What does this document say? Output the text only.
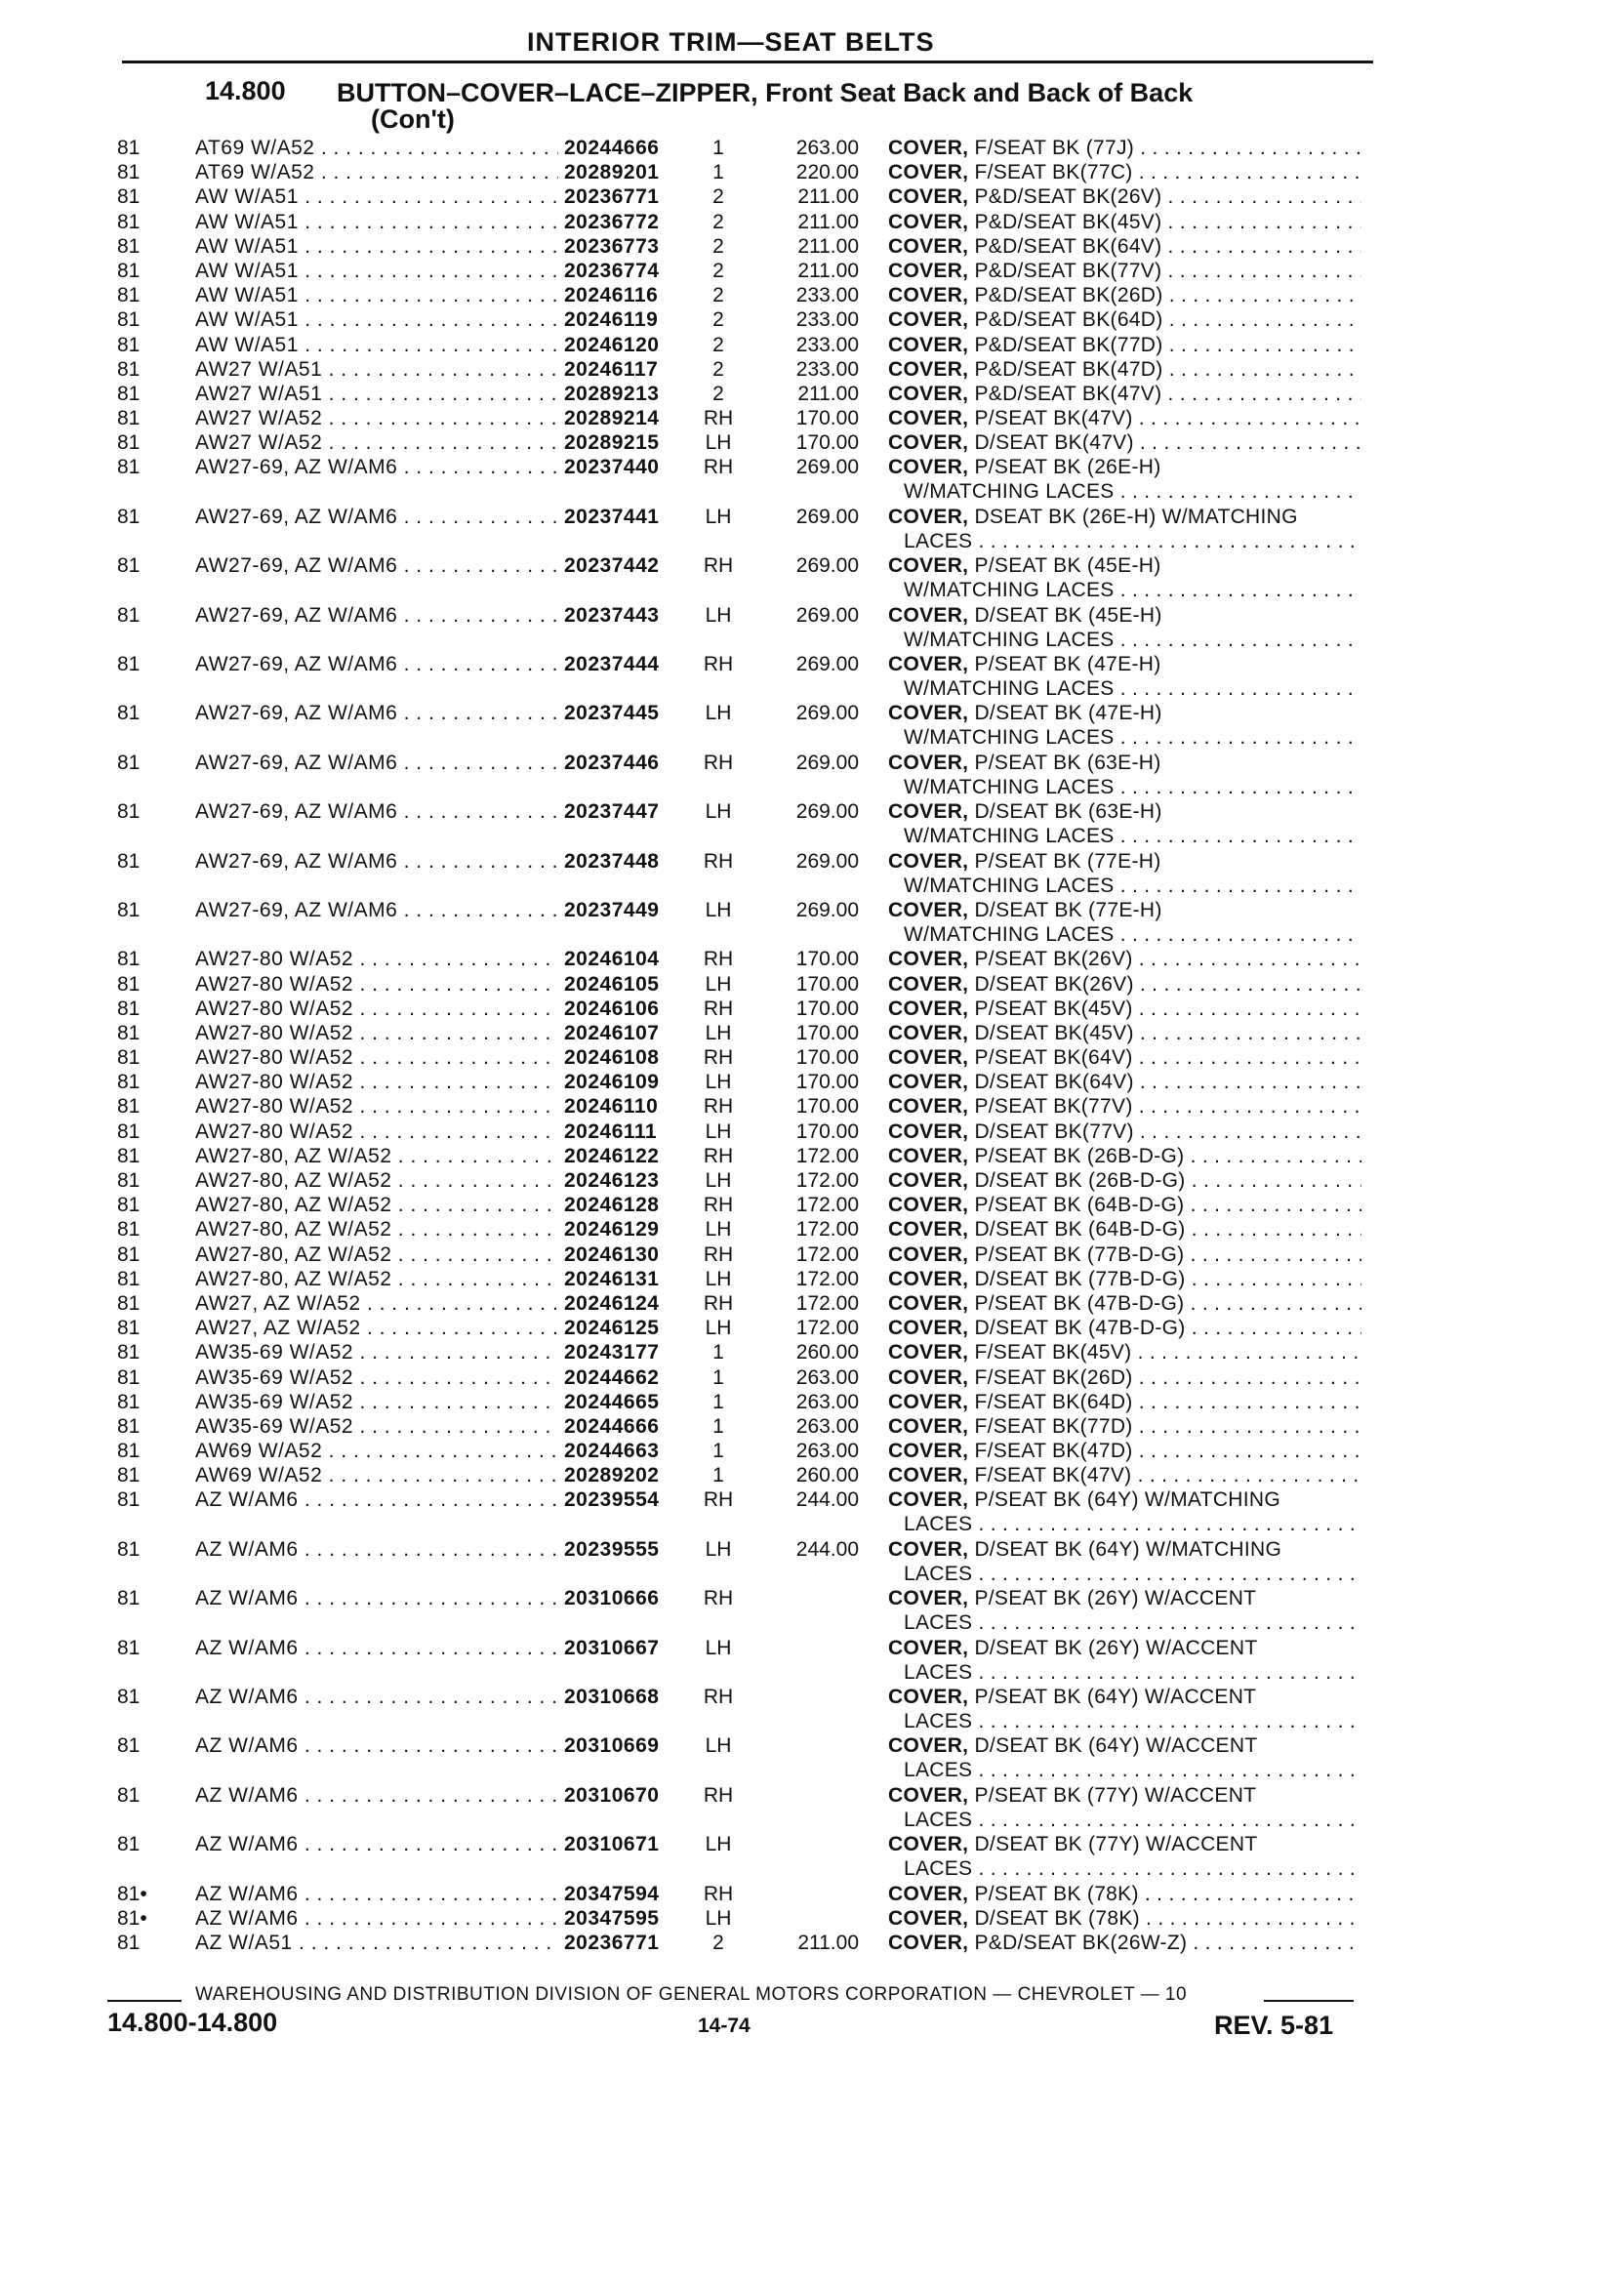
INTERIOR TRIM—SEAT BELTS
14.800 BUTTON–COVER–LACE–ZIPPER, Front Seat Back and Back of Back
(Con't)
81	AT69 W/A52 . . .	20244666	1	263.00 COVER, F/SEAT BK (77J) . . .
81	AT69 W/A52 . . .	20289201	1	220.00 COVER, F/SEAT BK(77C) . . .
81	AW W/A51 . . .	20236771	2	211.00 COVER, P&D/SEAT BK(26V) . . .
81	AW W/A51 . . .	20236772	2	211.00 COVER, P&D/SEAT BK(45V) . . .
81	AW W/A51 . . .	20236773	2	211.00 COVER, P&D/SEAT BK(64V) . . .
81	AW W/A51 . . .	20236774	2	211.00 COVER, P&D/SEAT BK(77V) . . .
81	AW W/A51 . . .	20246116	2	233.00 COVER, P&D/SEAT BK(26D) . . .
81	AW W/A51 . . .	20246119	2	233.00 COVER, P&D/SEAT BK(64D) . . .
81	AW W/A51 . . .	20246120	2	233.00 COVER, P&D/SEAT BK(77D) . . .
81	AW27 W/A51 . . .	20246117	2	233.00 COVER, P&D/SEAT BK(47D) . . .
81	AW27 W/A51 . . .	20289213	2	211.00 COVER, P&D/SEAT BK(47V) . . .
81	AW27 W/A52 . . .	20289214 RH	170.00 COVER, P/SEAT BK(47V) . . .
81	AW27 W/A52 . . .	20289215	LH	170.00 COVER, D/SEAT BK(47V) . . .
81	AW27-69, AZ W/AM6 . . .	20237440 RH	269.00 COVER, P/SEAT BK (26E-H)
W/MATCHING LACES . . .
81	AW27-69, AZ W/AM6 . . .	20237441	LH	269.00 COVER, DSEAT BK (26E-H) W/MATCHING
LACES . . .
81	AW27-69, AZ W/AM6 . . .	20237442 RH	269.00 COVER, P/SEAT BK (45E-H)
W/MATCHING LACES . . .
81	AW27-69, AZ W/AM6 . . .	20237443	LH	269.00 COVER, D/SEAT BK (45E-H)
W/MATCHING LACES . . .
81	AW27-69, AZ W/AM6 . . .	20237444 RH	269.00 COVER, P/SEAT BK (47E-H)
W/MATCHING LACES . . .
81	AW27-69, AZ W/AM6 . . .	20237445	LH	269.00 COVER, D/SEAT BK (47E-H)
W/MATCHING LACES . . .
81	AW27-69, AZ W/AM6 . . .	20237446 RH	269.00 COVER, P/SEAT BK (63E-H)
W/MATCHING LACES . . .
81	AW27-69, AZ W/AM6 . . .	20237447	LH	269.00 COVER, D/SEAT BK (63E-H)
W/MATCHING LACES . . .
81	AW27-69, AZ W/AM6 . . .	20237448 RH	269.00 COVER, P/SEAT BK (77E-H)
W/MATCHING LACES . . .
81	AW27-69, AZ W/AM6 . . .	20237449	LH	269.00 COVER, D/SEAT BK (77E-H)
W/MATCHING LACES . . .
81	AW27-80 W/A52 . . .	20246104 RH	170.00 COVER, P/SEAT BK(26V) . . .
81	AW27-80 W/A52 . . .	20246105	LH	170.00 COVER, D/SEAT BK(26V) . . .
81	AW27-80 W/A52 . . .	20246106 RH	170.00 COVER, P/SEAT BK(45V) . . .
81	AW27-80 W/A52 . . .	20246107	LH	170.00 COVER, D/SEAT BK(45V) . . .
81	AW27-80 W/A52 . . .	20246108 RH	170.00 COVER, P/SEAT BK(64V) . . .
81	AW27-80 W/A52 . . .	20246109	LH	170.00 COVER, D/SEAT BK(64V) . . .
81	AW27-80 W/A52 . . .	20246110 RH	170.00 COVER, P/SEAT BK(77V) . . .
81	AW27-80 W/A52 . . .	20246111	LH	170.00 COVER, D/SEAT BK(77V) . . .
81	AW27-80, AZ W/A52 . . .	20246122 RH	172.00 COVER, P/SEAT BK (26B-D-G) . . .
81	AW27-80, AZ W/A52 . . .	20246123	LH	172.00 COVER, D/SEAT BK (26B-D-G) . . .
81	AW27-80, AZ W/A52 . . .	20246128 RH	172.00 COVER, P/SEAT BK (64B-D-G) . . .
81	AW27-80, AZ W/A52 . . .	20246129	LH	172.00 COVER, D/SEAT BK (64B-D-G) . . .
81	AW27-80, AZ W/A52 . . .	20246130 RH	172.00 COVER, P/SEAT BK (77B-D-G) . . .
81	AW27-80, AZ W/A52 . . .	20246131	LH	172.00 COVER, D/SEAT BK (77B-D-G) . . .
81	AW27, AZ W/A52 . . .	20246124 RH	172.00 COVER, P/SEAT BK (47B-D-G) . . .
81	AW27, AZ W/A52 . . .	20246125	LH	172.00 COVER, D/SEAT BK (47B-D-G) . . .
81	AW35-69 W/A52 . . .	20243177	1	260.00 COVER, F/SEAT BK(45V) . . .
81	AW35-69 W/A52 . . .	20244662	1	263.00 COVER, F/SEAT BK(26D) . . .
81	AW35-69 W/A52 . . .	20244665	1	263.00 COVER, F/SEAT BK(64D) . . .
81	AW35-69 W/A52 . . .	20244666	1	263.00 COVER, F/SEAT BK(77D) . . .
81	AW69 W/A52 . . .	20244663	1	263.00 COVER, F/SEAT BK(47D) . . .
81	AW69 W/A52 . . .	20289202	1	260.00 COVER, F/SEAT BK(47V) . . .
81	AZ W/AM6 . . .	20239554 RH	244.00 COVER, P/SEAT BK (64Y) W/MATCHING
LACES . . .
81	AZ W/AM6 . . .	20239555	LH	244.00 COVER, D/SEAT BK (64Y) W/MATCHING
LACES . . .
81	AZ W/AM6 . . .	20310666 RH	COVER, P/SEAT BK (26Y) W/ACCENT
LACES . . .
81	AZ W/AM6 . . .	20310667	LH	COVER, D/SEAT BK (26Y) W/ACCENT
LACES . . .
81	AZ W/AM6 . . .	20310668 RH	COVER, P/SEAT BK (64Y) W/ACCENT
LACES . . .
81	AZ W/AM6 . . .	20310669	LH	COVER, D/SEAT BK (64Y) W/ACCENT
LACES . . .
81	AZ W/AM6 . . .	20310670 RH	COVER, P/SEAT BK (77Y) W/ACCENT
LACES . . .
81	AZ W/AM6 . . .	20310671	LH	COVER, D/SEAT BK (77Y) W/ACCENT
LACES . . .
81• AZ W/AM6 . . .	20347594 RH	COVER, P/SEAT BK (78K) . . .
81• AZ W/AM6 . . .	20347595	LH	COVER, D/SEAT BK (78K) . . .
81	AZ W/A51 . . .	20236771	2	211.00 COVER, P&D/SEAT BK(26W-Z) . . .
WAREHOUSING AND DISTRIBUTION DIVISION OF GENERAL MOTORS CORPORATION — CHEVROLET — 10
14.800-14.800	14-74	REV. 5-81
